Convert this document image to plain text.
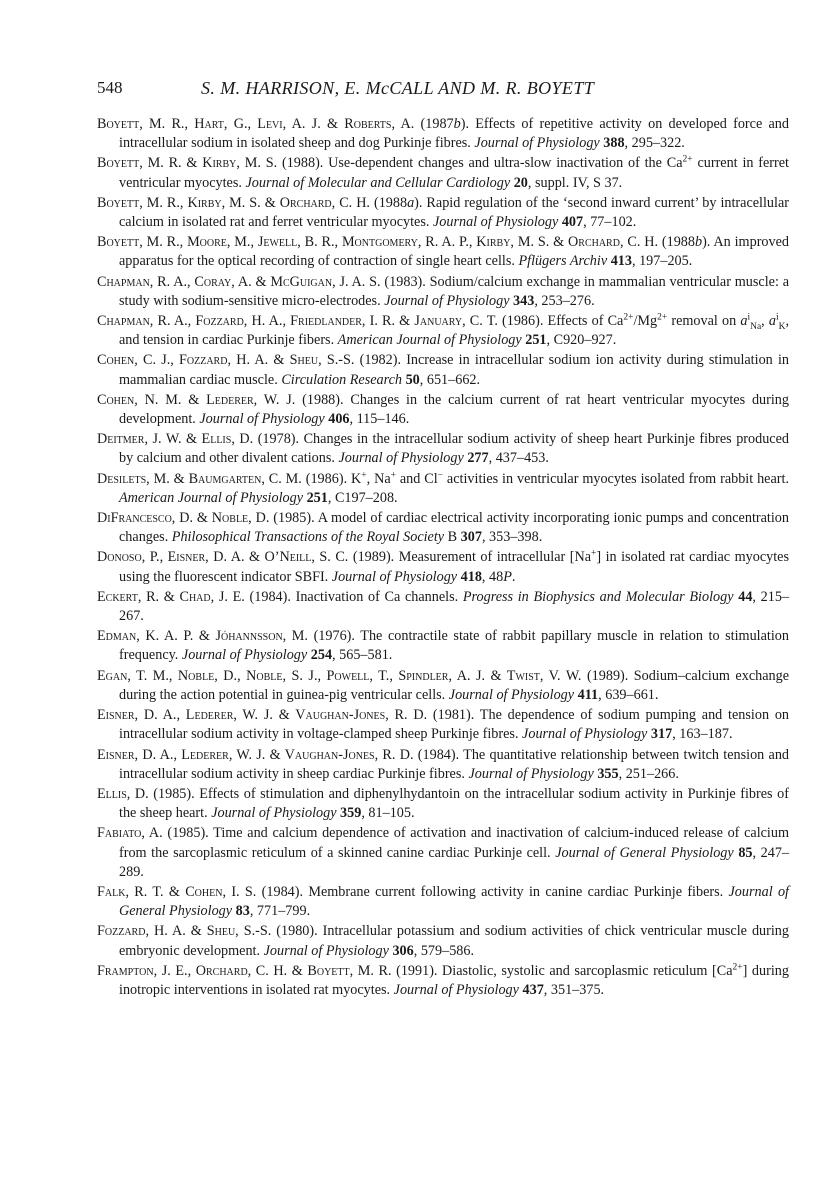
548	S. M. HARRISON, E. McCALL AND M. R. BOYETT
Boyett, M. R., Hart, G., Levi, A. J. & Roberts, A. (1987b). Effects of repetitive activity on developed force and intracellular sodium in isolated sheep and dog Purkinje fibres. Journal of Physiology 388, 295–322.
Boyett, M. R. & Kirby, M. S. (1988). Use-dependent changes and ultra-slow inactivation of the $Ca^{2+}$ current in ferret ventricular myocytes. Journal of Molecular and Cellular Cardiology 20, suppl. IV, S 37.
Boyett, M. R., Kirby, M. S. & Orchard, C. H. (1988a). Rapid regulation of the ‘second inward current’ by intracellular calcium in isolated rat and ferret ventricular myocytes. Journal of Physiology 407, 77–102.
Boyett, M. R., Moore, M., Jewell, B. R., Montgomery, R. A. P., Kirby, M. S. & Orchard, C. H. (1988b). An improved apparatus for the optical recording of contraction of single heart cells. Pflügers Archiv 413, 197–205.
Chapman, R. A., Coray, A. & McGuigan, J. A. S. (1983). Sodium/calcium exchange in mammalian ventricular muscle: a study with sodium-sensitive micro-electrodes. Journal of Physiology 343, 253–276.
Chapman, R. A., Fozzard, H. A., Friedlander, I. R. & January, C. T. (1986). Effects of $Ca^{2+}/Mg^{2+}$ removal on $a^i_{Na}$, $a^i_K$, and tension in cardiac Purkinje fibers. American Journal of Physiology 251, C920–927.
Cohen, C. J., Fozzard, H. A. & Sheu, S.-S. (1982). Increase in intracellular sodium ion activity during stimulation in mammalian cardiac muscle. Circulation Research 50, 651–662.
Cohen, N. M. & Lederer, W. J. (1988). Changes in the calcium current of rat heart ventricular myocytes during development. Journal of Physiology 406, 115–146.
Deitmer, J. W. & Ellis, D. (1978). Changes in the intracellular sodium activity of sheep heart Purkinje fibres produced by calcium and other divalent cations. Journal of Physiology 277, 437–453.
Desilets, M. & Baumgarten, C. M. (1986). K+, Na+ and Cl− activities in ventricular myocytes isolated from rabbit heart. American Journal of Physiology 251, C197–208.
DiFrancesco, D. & Noble, D. (1985). A model of cardiac electrical activity incorporating ionic pumps and concentration changes. Philosophical Transactions of the Royal Society B 307, 353–398.
Donoso, P., Eisner, D. A. & O’Neill, S. C. (1989). Measurement of intracellular [Na+] in isolated rat cardiac myocytes using the fluorescent indicator SBFI. Journal of Physiology 418, 48P.
Eckert, R. & Chad, J. E. (1984). Inactivation of Ca channels. Progress in Biophysics and Molecular Biology 44, 215–267.
Edman, K. A. P. & Jóhannsson, M. (1976). The contractile state of rabbit papillary muscle in relation to stimulation frequency. Journal of Physiology 254, 565–581.
Egan, T. M., Noble, D., Noble, S. J., Powell, T., Spindler, A. J. & Twist, V. W. (1989). Sodium–calcium exchange during the action potential in guinea-pig ventricular cells. Journal of Physiology 411, 639–661.
Eisner, D. A., Lederer, W. J. & Vaughan-Jones, R. D. (1981). The dependence of sodium pumping and tension on intracellular sodium activity in voltage-clamped sheep Purkinje fibres. Journal of Physiology 317, 163–187.
Eisner, D. A., Lederer, W. J. & Vaughan-Jones, R. D. (1984). The quantitative relationship between twitch tension and intracellular sodium activity in sheep cardiac Purkinje fibres. Journal of Physiology 355, 251–266.
Ellis, D. (1985). Effects of stimulation and diphenylhydantoin on the intracellular sodium activity in Purkinje fibres of the sheep heart. Journal of Physiology 359, 81–105.
Fabiato, A. (1985). Time and calcium dependence of activation and inactivation of calcium-induced release of calcium from the sarcoplasmic reticulum of a skinned canine cardiac Purkinje cell. Journal of General Physiology 85, 247–289.
Falk, R. T. & Cohen, I. S. (1984). Membrane current following activity in canine cardiac Purkinje fibers. Journal of General Physiology 83, 771–799.
Fozzard, H. A. & Sheu, S.-S. (1980). Intracellular potassium and sodium activities of chick ventricular muscle during embryonic development. Journal of Physiology 306, 579–586.
Frampton, J. E., Orchard, C. H. & Boyett, M. R. (1991). Diastolic, systolic and sarcoplasmic reticulum $[Ca^{2+}]$ during inotropic interventions in isolated rat myocytes. Journal of Physiology 437, 351–375.
